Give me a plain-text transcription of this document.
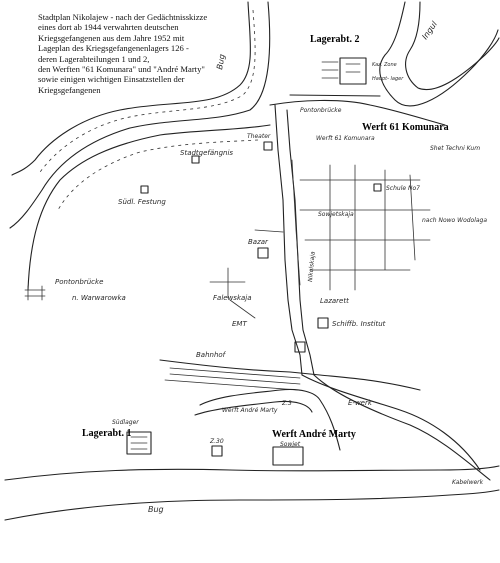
Stadtplan Nikolajew - nach der Gedächtnisskizze
eines dort ab 1944 verwahrten deutschen
Kriegsgefangenen aus dem Jahre 1952 mit
Lageplan des Kriegsgefangenenlagers 126 -
deren Lagerabteilungen 1 und 2,
den Werften "61 Komunara" und "André Marty"
sowie einigen wichtigen Einsatzstellen der
Kriegsgefangenen
Lagerabt. 2
Werft 61 Komunara
Lagerabt. 1	Werft André Marty
Bug
Bug
Ingul
Stadtgefängnis
Südl. Festung
Theater
Bazar
Falewskaja
EMT
Lazarett
Schiffb. Institut
Bahnhof
E-werk
Werft André Marty
Z.3
Z.30	Sowjet
Kabelwerk
Südlager
Pontonbrücke
n. Warwarowka
Sowjetskaja
Nikolskaja
Schule No7
nach Nowo Wodolaga
Kaz. Zone
Haupt- lager
Pontonbrücke
Werft 61 Komunara
Shet Techni Kum
